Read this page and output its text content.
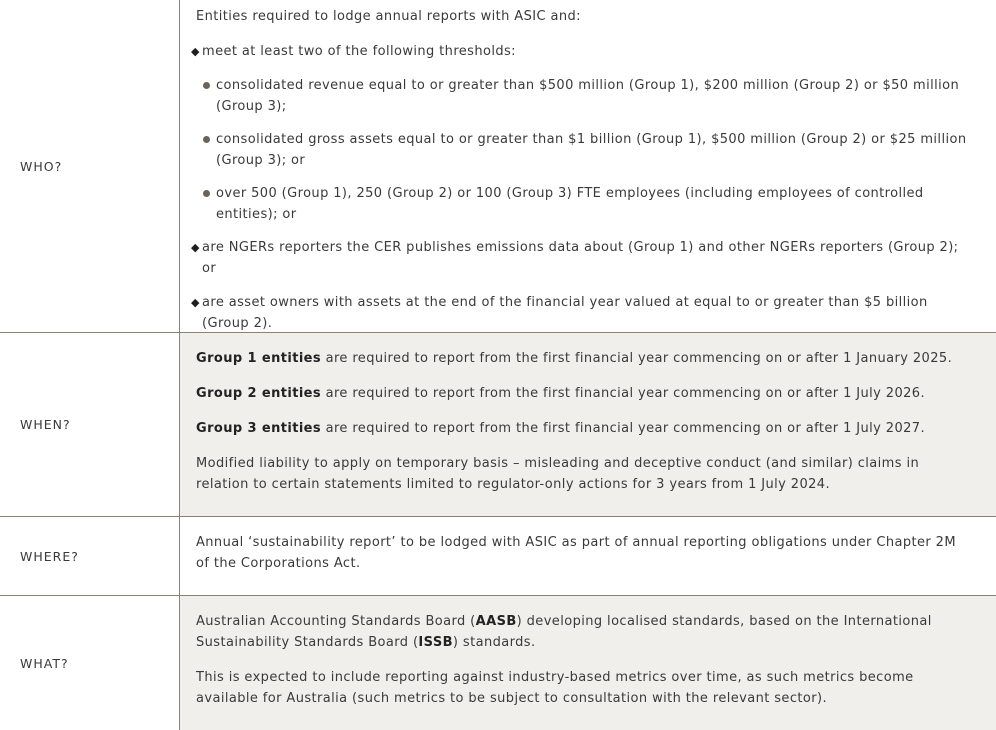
WHO?

Entities required to lodge annual reports with ASIC and:

◆ meet at least two of the following thresholds:
consolidated revenue equal to or greater than $500 million (Group 1), $200 million (Group 2) or $50 million (Group 3);
consolidated gross assets equal to or greater than $1 billion (Group 1), $500 million (Group 2) or $25 million (Group 3); or
over 500 (Group 1), 250 (Group 2) or 100 (Group 3) FTE employees (including employees of controlled entities); or
◆ are NGERs reporters the CER publishes emissions data about (Group 1) and other NGERs reporters (Group 2); or
◆ are asset owners with assets at the end of the financial year valued at equal to or greater than $5 billion (Group 2).
WHEN?

Group 1 entities are required to report from the first financial year commencing on or after 1 January 2025.

Group 2 entities are required to report from the first financial year commencing on or after 1 July 2026.

Group 3 entities are required to report from the first financial year commencing on or after 1 July 2027.

Modified liability to apply on temporary basis – misleading and deceptive conduct (and similar) claims in relation to certain statements limited to regulator-only actions for 3 years from 1 July 2024.

WHERE?

Annual ‘sustainability report’ to be lodged with ASIC as part of annual reporting obligations under Chapter 2M of the Corporations Act.

WHAT?

Australian Accounting Standards Board (AASB) developing localised standards, based on the International Sustainability Standards Board (ISSB) standards.

This is expected to include reporting against industry-based metrics over time, as such metrics become available for Australia (such metrics to be subject to consultation with the relevant sector).
